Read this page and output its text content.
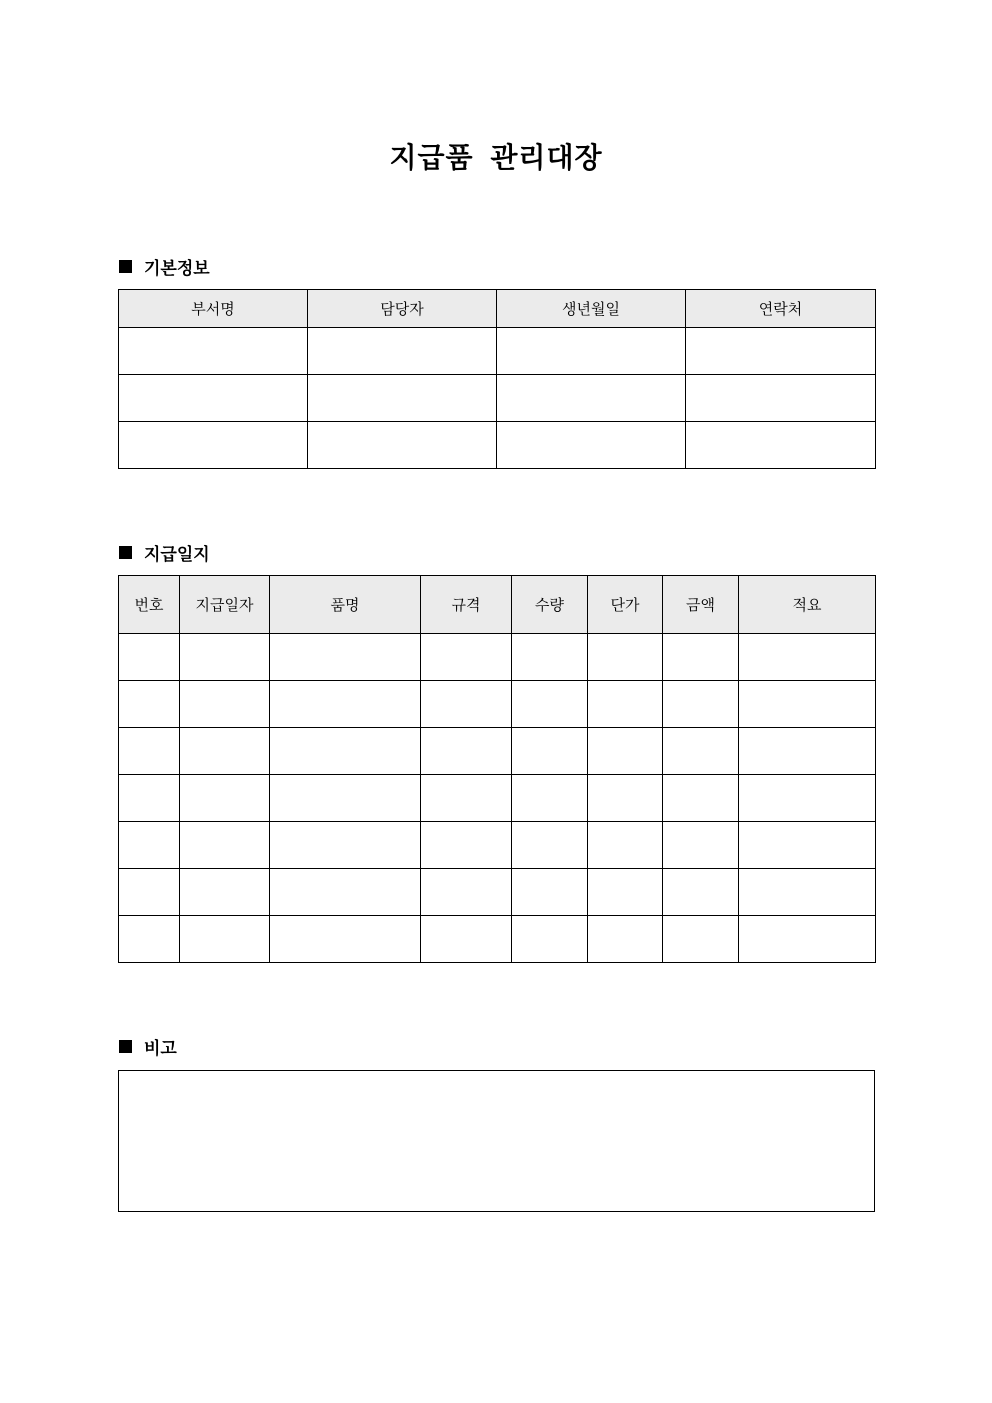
지급품 관리대장
기본정보
부서명	담당자	생년월일	연락처

지급일지
번호	지급일자	품명	규격	수량	단가	금액	적요

비고
